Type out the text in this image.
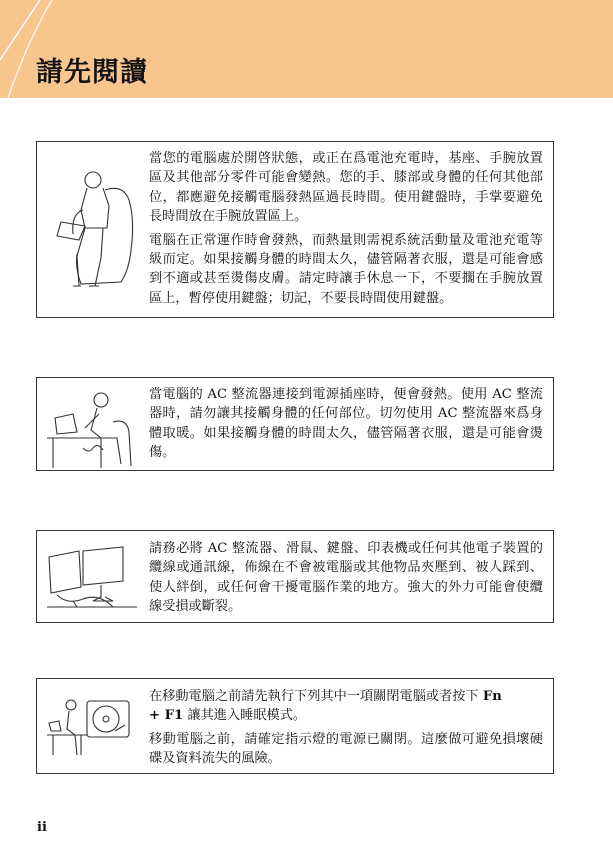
請先閱讀

當您的電腦處於開啓狀態，或正在爲電池充電時，基座、手腕放置區及其他部分零件可能會變熱。您的手、膝部或身體的任何其他部位，都應避免接觸電腦發熱區過長時間。使用鍵盤時，手掌要避免長時間放在手腕放置區上。

電腦在正常運作時會發熱，而熱量則需視系統活動量及電池充電等級而定。如果接觸身體的時間太久，儘管隔著衣服，還是可能會感到不適或甚至燙傷皮膚。請定時讓手休息一下，不要擱在手腕放置區上，暫停使用鍵盤；切記，不要長時間使用鍵盤。

當電腦的 AC 整流器連接到電源插座時，便會發熱。使用 AC 整流器時，請勿讓其接觸身體的任何部位。切勿使用 AC 整流器來爲身體取暖。如果接觸身體的時間太久，儘管隔著衣服，還是可能會燙傷。

請務必將 AC 整流器、滑鼠、鍵盤、印表機或任何其他電子裝置的纜線或通訊線，佈線在不會被電腦或其他物品夾壓到、被人踩到、使人絆倒，或任何會干擾電腦作業的地方。強大的外力可能會使纜線受損或斷裂。

在移動電腦之前請先執行下列其中一項關閉電腦或者按下 Fn
+ F1 讓其進入睡眠模式。

移動電腦之前，請確定指示燈的電源已關閉。這麼做可避免損壞硬碟及資料流失的風險。

ii
